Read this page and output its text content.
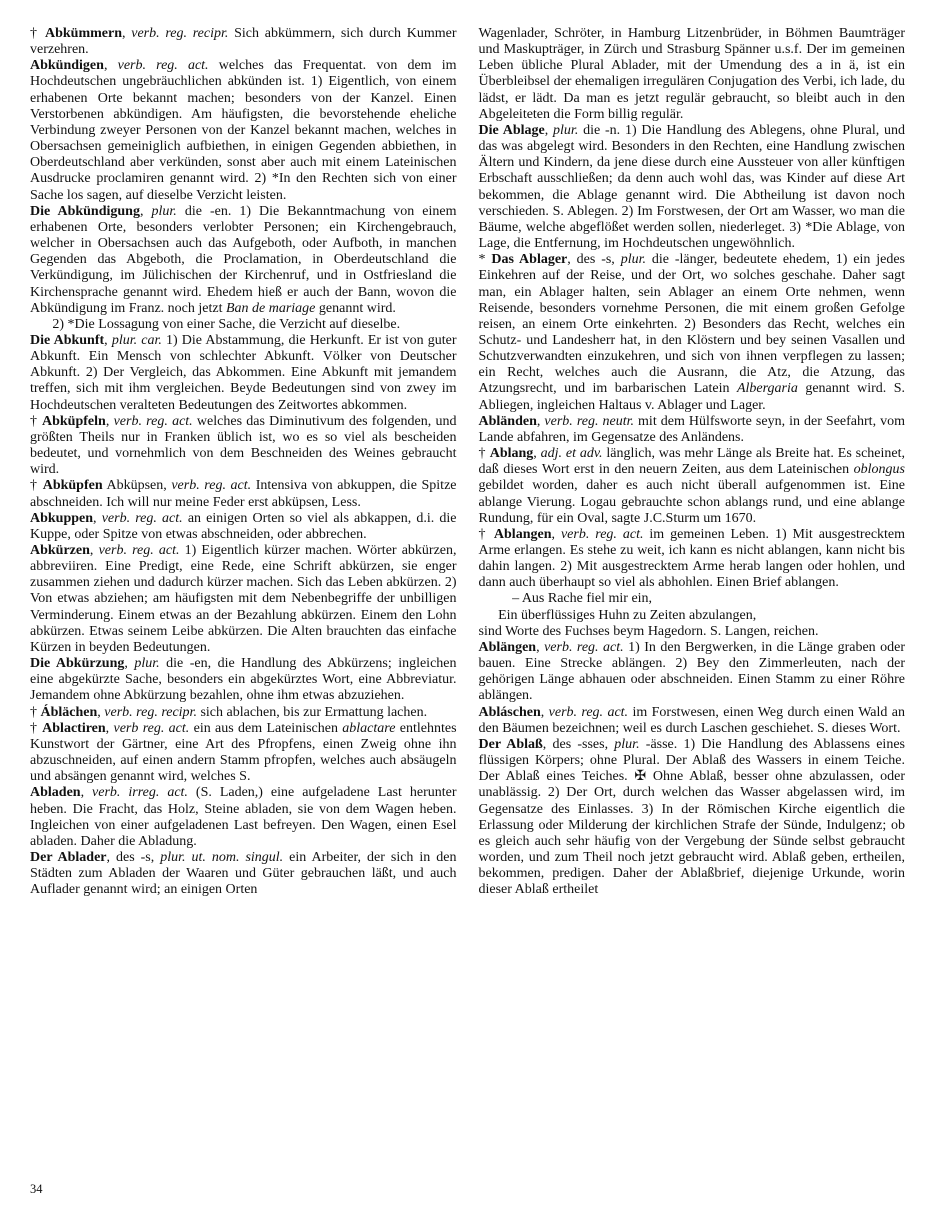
† Abkümmern, verb. reg. recipr. Sich abkümmern, sich durch Kummer verzehren.

Abkündigen, verb. reg. act. welches das Frequentat. von dem im Hochdeutschen ungebräuchlichen abkünden ist. 1) Eigentlich, von einem erhabenen Orte bekannt machen; besonders von der Kanzel. Einen Verstorbenen abkündigen. Am häufigsten, die bevorstehende eheliche Verbindung zweyer Personen von der Kanzel bekannt machen, welches in Obersachsen gemeiniglich aufbiethen, in einigen Gegenden abbiethen, in Oberdeutschland aber verkünden, sonst aber auch mit einem Lateinischen Ausdrucke proclamiren genannt wird. 2) *In den Rechten sich von einer Sache los sagen, auf dieselbe Verzicht leisten.

Die Abkündigung, plur. die -en. 1) Die Bekanntmachung von einem erhabenen Orte, besonders verlobter Personen; ein Kirchengebrauch, welcher in Obersachsen auch das Aufgeboth, oder Aufboth, in manchen Gegenden das Abgeboth, die Proclamation, in Oberdeutschland die Verkündigung, im Jülichischen der Kirchenruf, und in Ostfriesland die Kirchensprache genannt wird. Ehedem hieß er auch der Bann, wovon die Abkündigung im Franz. noch jetzt Ban de mariage genannt wird.

2) *Die Lossagung von einer Sache, die Verzicht auf dieselbe.

Die Abkunft, plur. car. 1) Die Abstammung, die Herkunft. Er ist von guter Abkunft. Ein Mensch von schlechter Abkunft. Völker von Deutscher Abkunft. 2) Der Vergleich, das Abkommen. Eine Abkunft mit jemandem treffen, sich mit ihm vergleichen. Beyde Bedeutungen sind von zwey im Hochdeutschen veralteten Bedeutungen des Zeitwortes abkommen.

† Abküpfeln, verb. reg. act. welches das Diminutivum des folgenden, und größten Theils nur in Franken üblich ist, wo es so viel als bescheiden bedeutet, und vornehmlich von dem Beschneiden des Weines gebraucht wird.

† Abküpfen Abküpsen, verb. reg. act. Intensiva von abkuppen, die Spitze abschneiden. Ich will nur meine Feder erst abküpsen, Less.

Abkuppen, verb. reg. act. an einigen Orten so viel als abkappen, d.i. die Kuppe, oder Spitze von etwas abschneiden, oder abbrechen.

Abkürzen, verb. reg. act. 1) Eigentlich kürzer machen. Wörter abkürzen, abbreviiren. Eine Predigt, eine Rede, eine Schrift abkürzen, sie enger zusammen ziehen und dadurch kürzer machen. Sich das Leben abkürzen. 2) Von etwas abziehen; am häufigsten mit dem Nebenbegriffe der unbilligen Verminderung. Einem etwas an der Bezahlung abkürzen. Einem den Lohn abkürzen. Etwas seinem Leibe abkürzen. Die Alten brauchten das einfache Kürzen in beyden Bedeutungen.

Die Abkürzung, plur. die -en, die Handlung des Abkürzens; ingleichen eine abgekürzte Sache, besonders ein abgekürztes Wort, eine Abbreviatur. Jemandem ohne Abkürzung bezahlen, ohne ihm etwas abzuziehen.

† Áblächen, verb. reg. recipr. sich ablachen, bis zur Ermattung lachen.

† Ablactiren, verb reg. act. ein aus dem Lateinischen ablactare entlehntes Kunstwort der Gärtner, eine Art des Pfropfens, einen Zweig ohne ihn abzuschneiden, auf einen andern Stamm pfropfen, welches auch absäugeln und absängen genannt wird, welches S.

Abladen, verb. irreg. act. (S. Laden,) eine aufgeladene Last herunter heben. Die Fracht, das Holz, Steine abladen, sie von dem Wagen heben. Ingleichen von einer aufgeladenen Last befreyen. Den Wagen, einen Esel abladen. Daher die Abladung.

Der Ablader, des -s, plur. ut. nom. singul. ein Arbeiter, der sich in den Städten zum Abladen der Waaren und Güter gebrauchen läßt, und auch Auflader genannt wird; an einigen Orten

Wagenlader, Schröter, in Hamburg Litzenbrüder, in Böhmen Baumträger und Maskupträger, in Zürch und Strasburg Spänner u.s.f. Der im gemeinen Leben übliche Plural Ablader, mit der Umendung des a in ä, ist ein Überbleibsel der ehemaligen irregulären Conjugation des Verbi, ich lade, du lädst, er lädt. Da man es jetzt regulär gebraucht, so bleibt auch in den Abgeleiteten die Form billig regulär.

Die Ablage, plur. die -n. 1) Die Handlung des Ablegens, ohne Plural, und das was abgelegt wird. Besonders in den Rechten, eine Handlung zwischen Ältern und Kindern, da jene diese durch eine Aussteuer von aller künftigen Erbschaft ausschließen; da denn auch wohl das, was Kinder auf diese Art bekommen, die Ablage genannt wird. Die Abtheilung ist davon noch verschieden. S. Ablegen. 2) Im Forstwesen, der Ort am Wasser, wo man die Bäume, welche abgeflößet werden sollen, niederleget. 3) *Die Ablage, von Lage, die Entfernung, im Hochdeutschen ungewöhnlich.

* Das Ablager, des -s, plur. die -länger, bedeutete ehedem, 1) ein jedes Einkehren auf der Reise, und der Ort, wo solches geschahe. Daher sagt man, ein Ablager halten, sein Ablager an einem Orte nehmen, wenn Reisende, besonders vornehme Personen, die mit einem großen Gefolge reisen, an einem Orte einkehrten. 2) Besonders das Recht, welches ein Schutz- und Landesherr hat, in den Klöstern und bey seinen Vasallen und Schutzverwandten einzukehren, und sich von ihnen verpflegen zu lassen; ein Recht, welches auch die Ausrann, die Atz, die Atzung, das Atzungsrecht, und im barbarischen Latein Albergaria genannt wird. S. Abliegen, ingleichen Haltaus v. Ablager und Lager.

Abländen, verb. reg. neutr. mit dem Hülfsworte seyn, in der Seefahrt, vom Lande abfahren, im Gegensatze des Anländens.

† Ablang, adj. et adv. länglich, was mehr Länge als Breite hat. Es scheinet, daß dieses Wort erst in den neuern Zeiten, aus dem Lateinischen oblongus gebildet worden, daher es auch nicht überall aufgenommen ist. Eine ablange Vierung. Logau gebrauchte schon ablangs rund, und eine ablange Rundung, für ein Oval, sagte J.C.Sturm um 1670.

† Ablangen, verb. reg. act. im gemeinen Leben. 1) Mit ausgestrecktem Arme erlangen. Es stehe zu weit, ich kann es nicht ablangen, kann nicht bis dahin langen. 2) Mit ausgestrecktem Arme herab langen oder hohlen, und dann auch überhaupt so viel als abhohlen. Einen Brief ablangen.

– Aus Rache fiel mir ein,

Ein überflüssiges Huhn zu Zeiten abzulangen,

sind Worte des Fuchses beym Hagedorn. S. Langen, reichen.

Ablängen, verb. reg. act. 1) In den Bergwerken, in die Länge graben oder bauen. Eine Strecke ablängen. 2) Bey den Zimmerleuten, nach der gehörigen Länge abhauen oder abschneiden. Einen Stamm zu einer Röhre ablängen.

Abláschen, verb. reg. act. im Forstwesen, einen Weg durch einen Wald an den Bäumen bezeichnen; weil es durch Laschen geschiehet. S. dieses Wort.

Der Ablaß, des -sses, plur. -ässe. 1) Die Handlung des Ablassens eines flüssigen Körpers; ohne Plural. Der Ablaß des Wassers in einem Teiche. Der Ablaß eines Teiches. ✠ Ohne Ablaß, besser ohne abzulassen, oder unablässig. 2) Der Ort, durch welchen das Wasser abgelassen wird, im Gegensatze des Einlasses. 3) In der Römischen Kirche eigentlich die Erlassung oder Milderung der kirchlichen Strafe der Sünde, Indulgenz; ob es gleich auch sehr häufig von der Vergebung der Sünde selbst gebraucht worden, und zum Theil noch jetzt gebraucht wird. Ablaß geben, ertheilen, bekommen, predigen. Daher der Ablaßbrief, diejenige Urkunde, worin dieser Ablaß ertheilet

34
